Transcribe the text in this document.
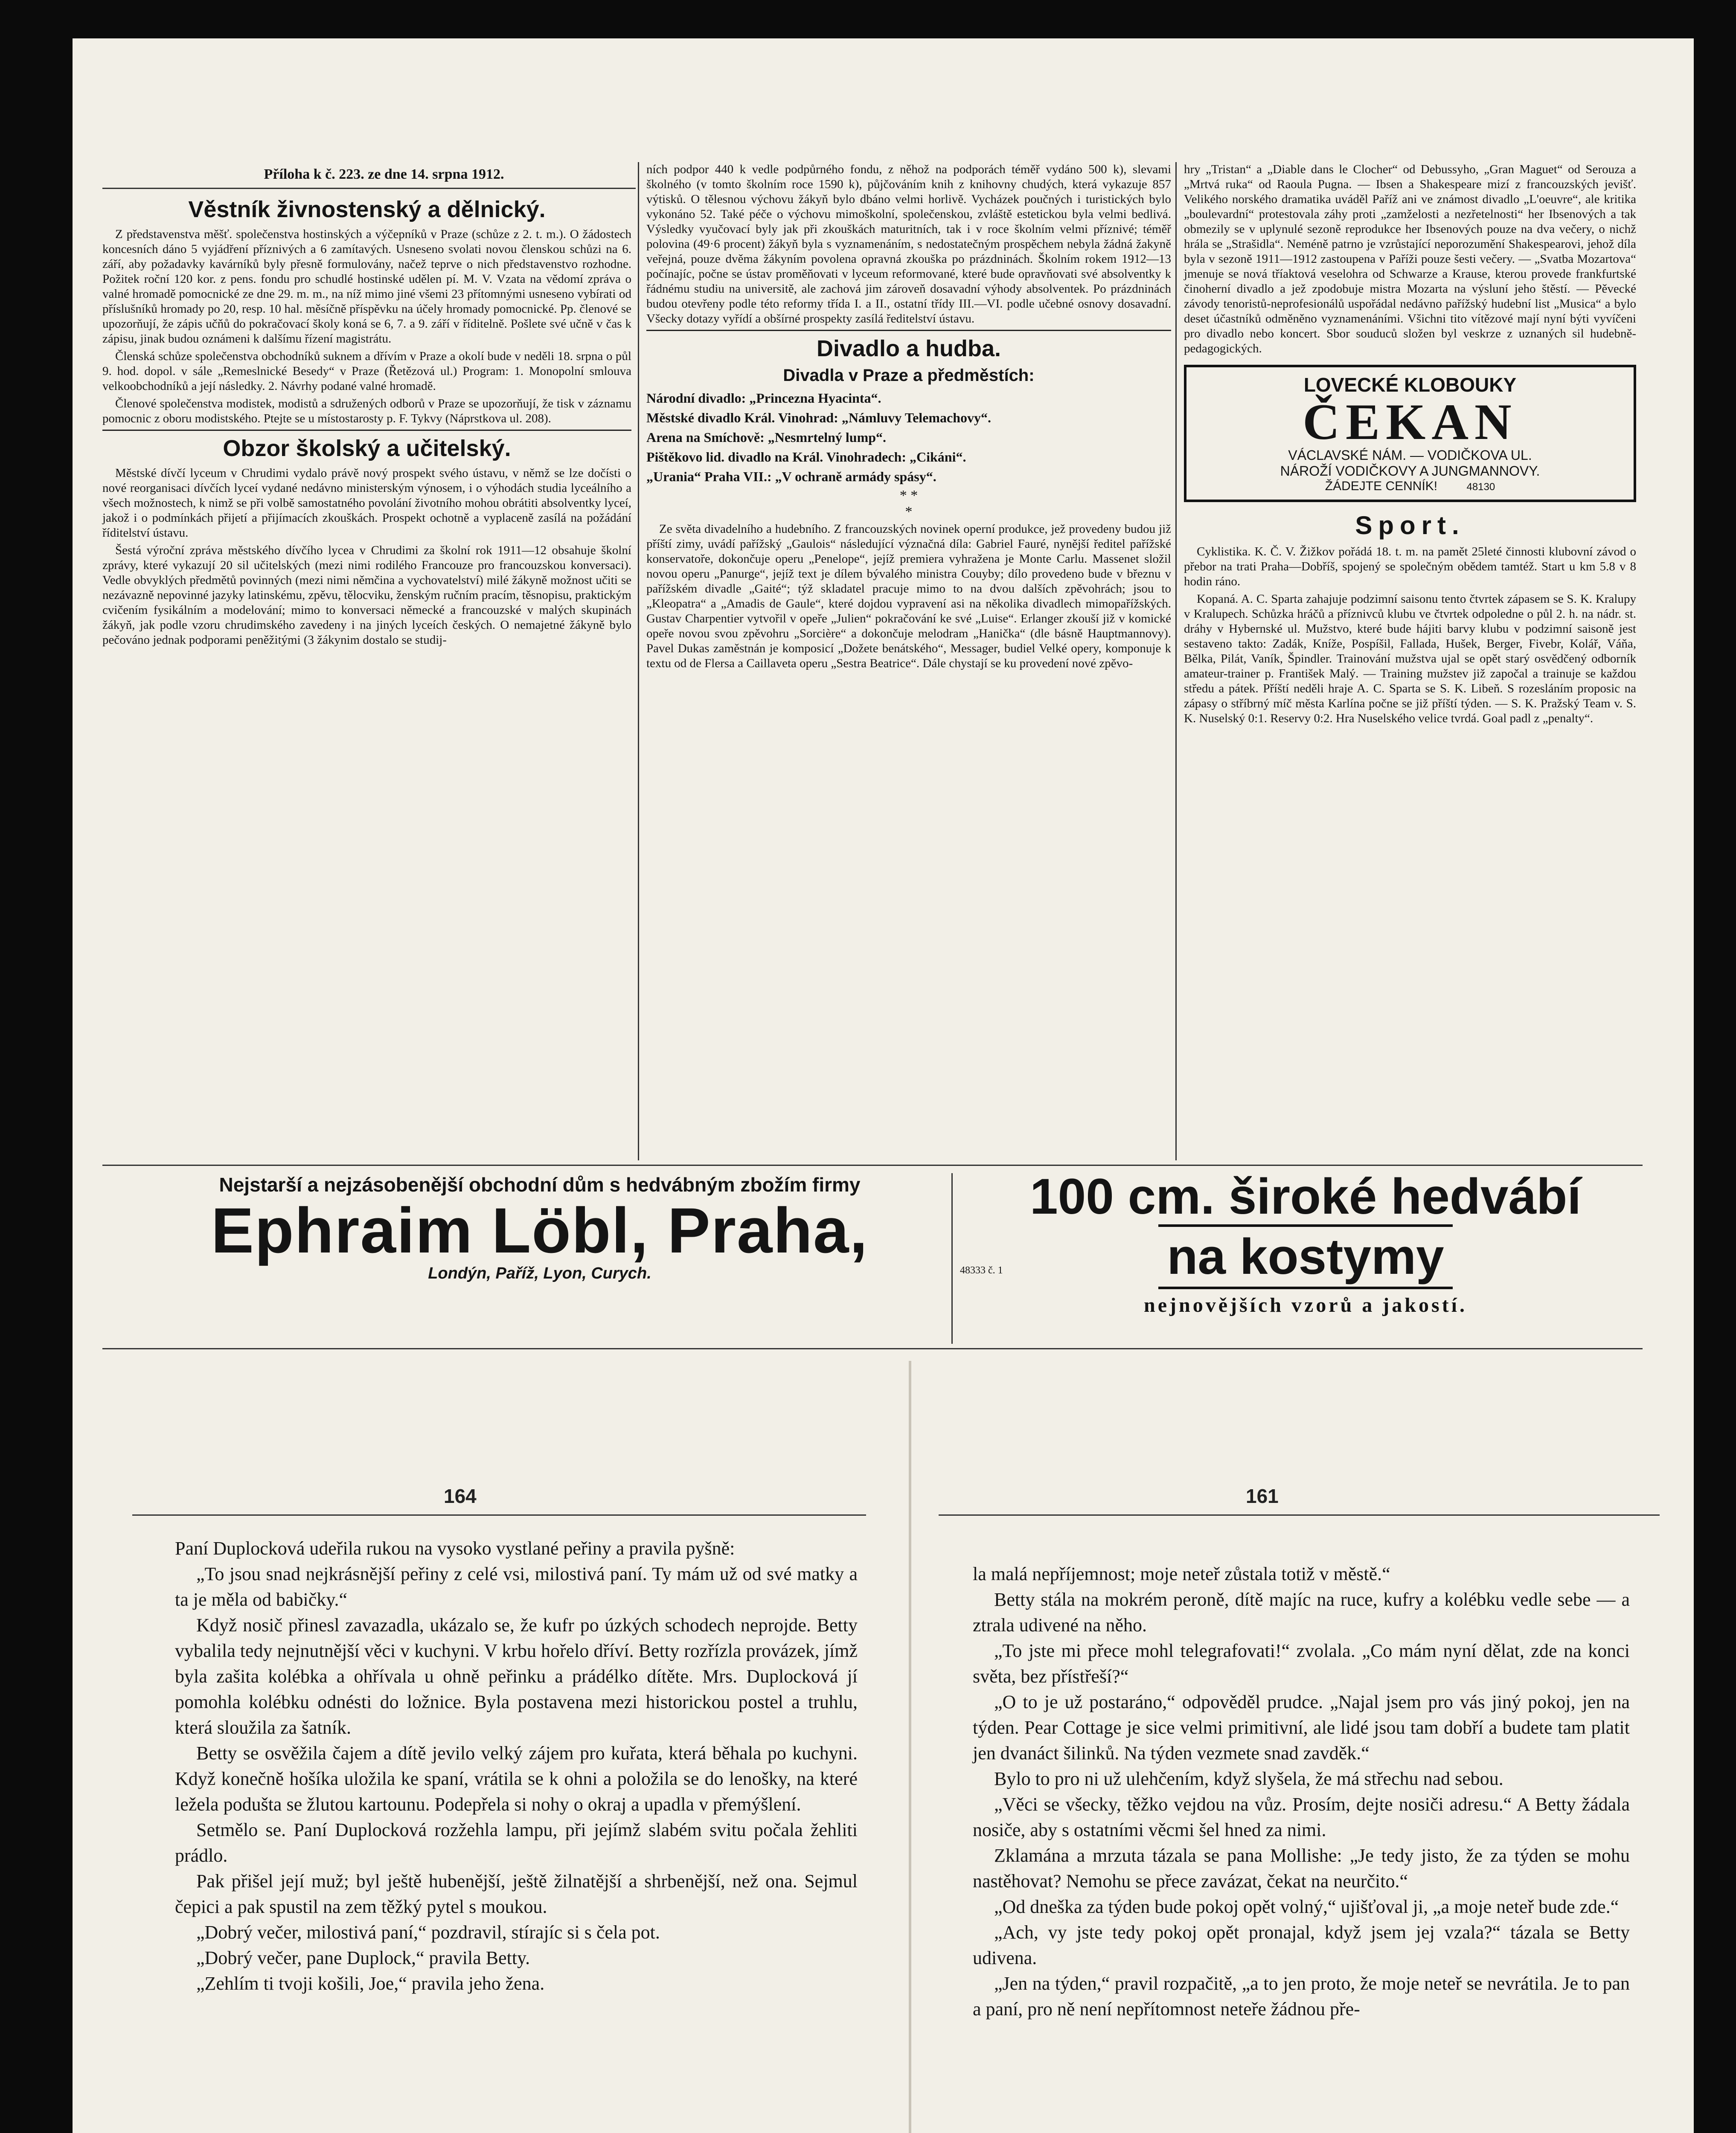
Příloha k č. 223. ze dne 14. srpna 1912.
Věstník živnostenský a dělnický.

Z představenstva měšť. společenstva hostinských a výčepníků v Praze (schůze z 2. t. m.). O žádostech koncesních dáno 5 vyjádření příznivých a 6 zamítavých. Usneseno svolati novou členskou schůzi na 6. září, aby požadavky kavárníků byly přesně formulovány, načež teprve o nich představenstvo rozhodne. Požitek roční 120 kor. z pens. fondu pro schudlé hostinské udělen pí. M. V. Vzata na vědomí zpráva o valné hromadě pomocnické ze dne 29. m. m., na níž mimo jiné všemi 23 přítomnými usneseno vybírati od příslušníků hromady po 20, resp. 10 hal. měsíčně příspěvku na účely hromady pomocnické. Pp. členové se upozorňují, že zápis učňů do pokračovací školy koná se 6, 7. a 9. září v říditelně. Pošlete své učně v čas k zápisu, jinak budou oznámeni k dalšímu řízení magistrátu.

Členská schůze společenstva obchodníků suknem a dřívím v Praze a okolí bude v neděli 18. srpna o půl 9. hod. dopol. v sále „Remeslnické Besedy“ v Praze (Řetězová ul.) Program: 1. Monopolní smlouva velkoobchodníků a její následky. 2. Návrhy podané valné hromadě.

Členové společenstva modistek, modistů a sdružených odborů v Praze se upozorňují, že tisk v záznamu pomocnic z oboru modistského. Ptejte se u místostarosty p. F. Tykvy (Náprstkova ul. 208).

Obzor školský a učitelský.

Městské dívčí lyceum v Chrudimi vydalo právě nový prospekt svého ústavu, v němž se lze dočísti o nové reorganisaci dívčích lyceí vydané nedávno ministerským výnosem, i o výhodách studia lyceálního a všech možnostech, k nimž se při volbě samostatného povolání životního mohou obrátiti absolventky lyceí, jakož i o podmínkách přijetí a přijímacích zkouškách. Prospekt ochotně a vyplaceně zasílá na požádání říditelství ústavu.

Šestá výroční zpráva městského dívčího lycea v Chrudimi za školní rok 1911—12 obsahuje školní zprávy, které vykazují 20 sil učitelských (mezi nimi rodilého Francouze pro francouzskou konversaci). Vedle obvyklých předmětů povinných (mezi nimi němčina a vychovatelství) milé žákyně možnost učiti se nezávazně nepovinné jazyky latinskému, zpěvu, tělocviku, ženským ručním pracím, těsnopisu, praktickým cvičením fysikálním a modelování; mimo to konversaci německé a francouzské v malých skupinách žákyň, jak podle vzoru chrudimského zavedeny i na jiných lyceích českých. O nemajetné žákyně bylo pečováno jednak podporami peněžitými (3 žákynim dostalo se studij-

ních podpor 440 k vedle podpůrného fondu, z něhož na podporách téměř vydáno 500 k), slevami školného (v tomto školním roce 1590 k), půjčováním knih z knihovny chudých, která vykazuje 857 výtisků. O tělesnou výchovu žákyň bylo dbáno velmi horlivě. Vycházek poučných i turistických bylo vykonáno 52. Také péče o výchovu mimoškolní, společenskou, zvláště estetickou byla velmi bedlivá. Výsledky vyučovací byly jak při zkouškách maturitních, tak i v roce školním velmi příznivé; téměř polovina (49·6 procent) žákyň byla s vyznamenáním, s nedostatečným prospěchem nebyla žádná žakyně veřejná, pouze dvěma žákyním povolena opravná zkouška po prázdninách. Školním rokem 1912—13 počínajíc, počne se ústav proměňovati v lyceum reformované, které bude opravňovati své absolventky k řádnému studiu na universitě, ale zachová jim zároveň dosavadní výhody absolventek. Po prázdninách budou otevřeny podle této reformy třída I. a II., ostatní třídy III.—VI. podle učebné osnovy dosavadní. Všecky dotazy vyřídí a obšírné prospekty zasílá ředitelství ústavu.

Divadlo a hudba.
Divadla v Praze a předměstích:
Národní divadlo: „Princezna Hyacinta“.
Městské divadlo Král. Vinohrad: „Námluvy Telemachovy“.
Arena na Smíchově: „Nesmrtelný lump“.
Pištěkovo lid. divadlo na Král. Vinohradech: „Cikáni“.
„Urania“ Praha VII.: „V ochraně armády spásy“.
* *
*

Ze světa divadelního a hudebního. Z francouzských novinek operní produkce, jež provedeny budou již příští zimy, uvádí pařížský „Gaulois“ následující význačná díla: Gabriel Fauré, nynější ředitel pařížské konservatoře, dokončuje operu „Penelope“, jejíž premiera vyhražena je Monte Carlu. Massenet složil novou operu „Panurge“, jejíž text je dílem bývalého ministra Couyby; dílo provedeno bude v březnu v pařížském divadle „Gaité“; týž skladatel pracuje mimo to na dvou dalších zpěvohrách; jsou to „Kleopatra“ a „Amadis de Gaule“, které dojdou vypravení asi na několika divadlech mimopařížských. Gustav Charpentier vytvořil v opeře „Julien“ pokračování ke své „Luise“. Erlanger zkouší již v komické opeře novou svou zpěvohru „Sorcière“ a dokončuje melodram „Hanička“ (dle básně Hauptmannovy). Pavel Dukas zaměstnán je komposicí „Dožete benátského“, Messager, budiel Velké opery, komponuje k textu od de Flersa a Caillaveta operu „Sestra Beatrice“. Dále chystají se ku provedení nové zpěvo-

hry „Tristan“ a „Diable dans le Clocher“ od Debussyho, „Gran Maguet“ od Serouza a „Mrtvá ruka“ od Raoula Pugna. — Ibsen a Shakespeare mizí z francouzských jevišť. Velikého norského dramatika uváděl Paříž ani ve známost divadlo „L'oeuvre“, ale kritika „boulevardní“ protestovala záhy proti „zamželosti a nezřetelnosti“ her Ibsenových a tak obmezily se v uplynulé sezoně reprodukce her Ibsenových pouze na dva večery, o nichž hrála se „Strašidla“. Neméně patrno je vzrůstající neporozumění Shakespearovi, jehož díla byla v sezoně 1911—1912 zastoupena v Paříži pouze šesti večery. — „Svatba Mozartova“ jmenuje se nová tříaktová veselohra od Schwarze a Krause, kterou provede frankfurtské činoherní divadlo a jež zpodobuje mistra Mozarta na výsluní jeho štěstí. — Pěvecké závody tenoristů-neprofesionálů uspořádal nedávno pařížský hudební list „Musica“ a bylo deset účastníků odměněno vyznamenáními. Všichni tito vítězové mají nyní býti vyvíčeni pro divadlo nebo koncert. Sbor souduců složen byl veskrze z uznaných sil hudebně-pedagogických.

LOVECKÉ KLOBOUKY
ČEKAN
VÁCLAVSKÉ NÁM. — VODIČKOVA UL.
NÁROŽÍ VODIČKOVY A JUNGMANNOVY.
ŽÁDEJTE CENNÍK!	48130
Sport.

Cyklistika. K. Č. V. Žižkov pořádá 18. t. m. na pamět 25leté činnosti klubovní závod o přebor na trati Praha—Dobříš, spojený se společným obědem tamtéž. Start u km 5.8 v 8 hodin ráno.

Kopaná. A. C. Sparta zahajuje podzimní saisonu tento čtvrtek zápasem se S. K. Kralupy v Kralupech. Schůzka hráčů a příznivců klubu ve čtvrtek odpoledne o půl 2. h. na nádr. st. dráhy v Hybernské ul. Mužstvo, které bude hájiti barvy klubu v podzimní saisoně jest sestaveno takto: Zadák, Kníže, Pospíšil, Fallada, Hušek, Berger, Fivebr, Kolář, Váňa, Bělka, Pilát, Vaník, Špindler. Trainování mužstva ujal se opět starý osvědčený odborník amateur-trainer p. František Malý. — Training mužstev již započal a trainuje se každou středu a pátek. Příští neděli hraje A. C. Sparta se S. K. Libeň. S rozesláním proposic na zápasy o stříbrný míč města Karlína počne se již příští týden. — S. K. Pražský Team v. S. K. Nuselský 0:1. Reservy 0:2. Hra Nuselského velice tvrdá. Goal padl z „penalty“.

Nejstarší a nejzásobenější obchodní dům s hedvábným zbožím firmy
Ephraim Löbl, Praha,
Londýn, Paříž, Lyon, Curych.
100 cm. široké hedvábí
48333 č. 1	na kostymy
nejnovějších vzorů a jakostí.
164	161

Paní Duplocková udeřila rukou na vysoko vystlané peřiny a pravila pyšně:

„To jsou snad nejkrásnější peřiny z celé vsi, milostivá paní. Ty mám už od své matky a ta je měla od babičky.“

Když nosič přinesl zavazadla, ukázalo se, že kufr po úzkých schodech neprojde. Betty vybalila tedy nejnutnější věci v kuchyni. V krbu hořelo dříví. Betty rozřízla provázek, jímž byla zašita kolébka a ohřívala u ohně peřinku a prádélko dítěte. Mrs. Duplocková jí pomohla kolébku odnésti do ložnice. Byla postavena mezi historickou postel a truhlu, která sloužila za šatník.

Betty se osvěžila čajem a dítě jevilo velký zájem pro kuřata, která běhala po kuchyni. Když konečně hošíka uložila ke spaní, vrátila se k ohni a položila se do lenošky, na které ležela podušta se žlutou kartounu. Podepřela si nohy o okraj a upadla v přemýšlení.

Setmělo se. Paní Duplocková rozžehla lampu, při jejímž slabém svitu počala žehliti prádlo.

Pak přišel její muž; byl ještě hubenější, ještě žilnatější a shrbenější, než ona. Sejmul čepici a pak spustil na zem těžký pytel s moukou.

„Dobrý večer, milostivá paní,“ pozdravil, stírajíc si s čela pot.

„Dobrý večer, pane Duplock,“ pravila Betty.

„Zehlím ti tvoji košili, Joe,“ pravila jeho žena.

la malá nepříjemnost; moje neteř zůstala totiž v městě.“

Betty stála na mokrém peroně, dítě majíc na ruce, kufry a kolébku vedle sebe — a ztrala udivené na něho.

„To jste mi přece mohl telegrafovati!“ zvolala. „Co mám nyní dělat, zde na konci světa, bez přístřeší?“

„O to je už postaráno,“ odpověděl prudce. „Najal jsem pro vás jiný pokoj, jen na týden. Pear Cottage je sice velmi primitivní, ale lidé jsou tam dobří a budete tam platit jen dvanáct šilinků. Na týden vezmete snad zavděk.“

Bylo to pro ni už ulehčením, když slyšela, že má střechu nad sebou.

„Věci se všecky, těžko vejdou na vůz. Prosím, dejte nosiči adresu.“ A Betty žádala nosiče, aby s ostatními věcmi šel hned za nimi.

Zklamána a mrzuta tázala se pana Mollishe: „Je tedy jisto, že za týden se mohu nastěhovat? Nemohu se přece zavázat, čekat na neurčito.“

„Od dneška za týden bude pokoj opět volný,“ ujišťoval ji, „a moje neteř bude zde.“

„Ach, vy jste tedy pokoj opět pronajal, když jsem jej vzala?“ tázala se Betty udivena.

„Jen na týden,“ pravil rozpačitě, „a to jen proto, že moje neteř se nevrátila. Je to pan a paní, pro ně není nepřítomnost neteře žádnou pře-
